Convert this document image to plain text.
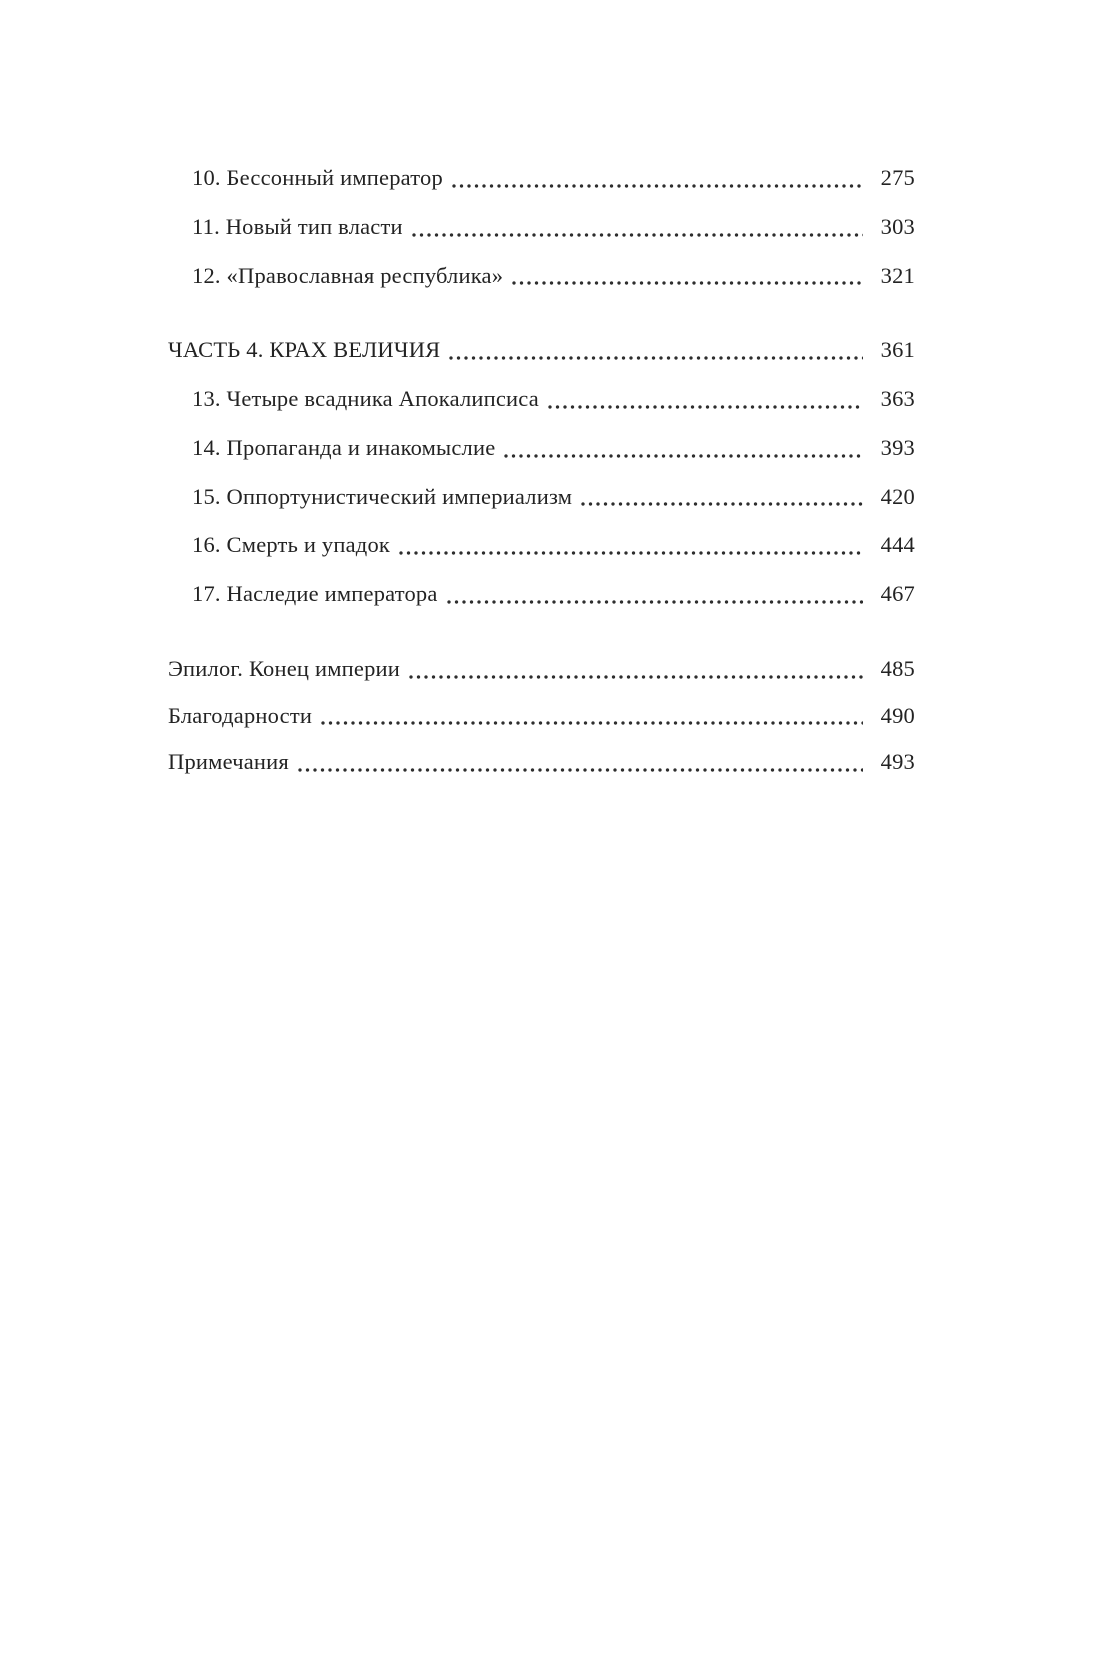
10. Бессонный император	275
11. Новый тип власти	303
12. «Православная республика»	321
ЧАСТЬ 4. КРАХ ВЕЛИЧИЯ	361
13. Четыре всадника Апокалипсиса	363
14. Пропаганда и инакомыслие	393
15. Оппортунистический империализм	420
16. Смерть и упадок	444
17. Наследие императора	467
Эпилог. Конец империи	485
Благодарности	490
Примечания	493
